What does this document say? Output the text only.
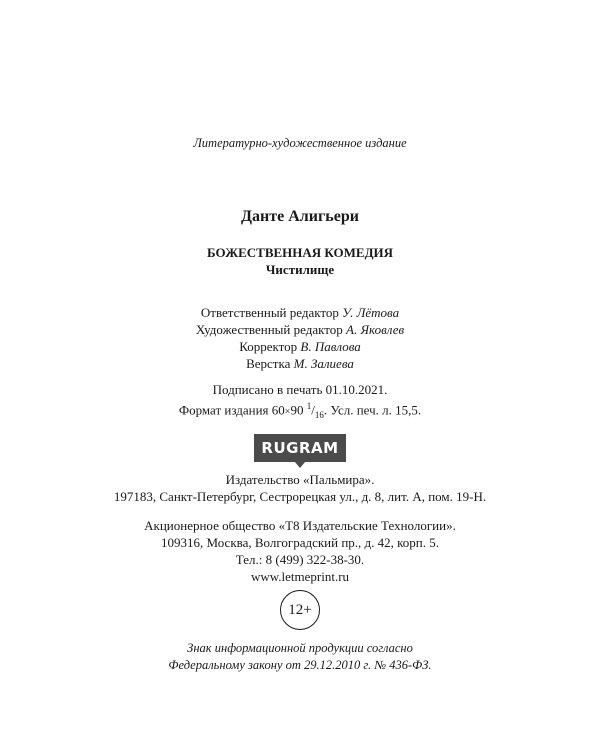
Литературно-художественное издание
Данте Алигьери
БОЖЕСТВЕННАЯ КОМЕДИЯ
Чистилище
Ответственный редактор У. Лётова
Художественный редактор А. Яковлев
Корректор В. Павлова
Верстка М. Залиева
Подписано в печать 01.10.2021.
Формат издания 60×90 $^1/_{16}$. Усл. печ. л. 15,5.
RUGRAM
Издательство «Пальмира».
197183, Санкт-Петербург, Сестрорецкая ул., д. 8, лит. А, пом. 19-Н.
Акционерное общество «Т8 Издательские Технологии».
109316, Москва, Волгоградский пр., д. 42, корп. 5.
Тел.: 8 (499) 322-38-30.
www.letmeprint.ru
12+
Знак информационной продукции согласно
Федеральному закону от 29.12.2010 г. № 436-ФЗ.
